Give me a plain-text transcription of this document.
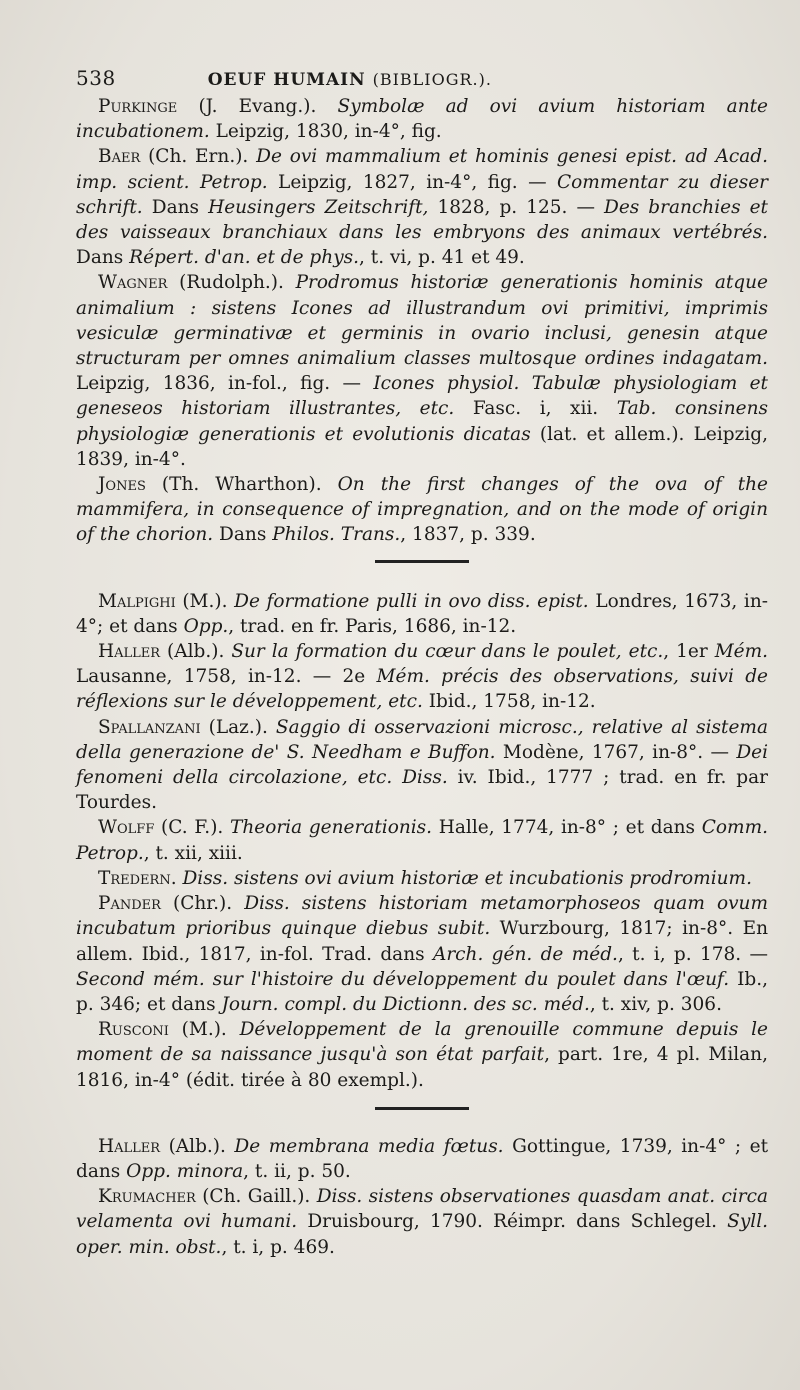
538	OEUF HUMAIN (BIBLIOGR.).

Purkinge (J. Evang.). Symbolæ ad ovi avium historiam ante incubationem. Leipzig, 1830, in-4°, fig.

Baer (Ch. Ern.). De ovi mammalium et hominis genesi epist. ad Acad. imp. scient. Petrop. Leipzig, 1827, in-4°, fig. — Commentar zu dieser schrift. Dans Heusingers Zeitschrift, 1828, p. 125. — Des branchies et des vaisseaux branchiaux dans les embryons des animaux vertébrés. Dans Répert. d'an. et de phys., t. vi, p. 41 et 49.

Wagner (Rudolph.). Prodromus historiæ generationis hominis atque animalium : sistens Icones ad illustrandum ovi primitivi, imprimis vesiculæ germinativæ et germinis in ovario inclusi, genesin atque structuram per omnes animalium classes multosque ordines indagatam. Leipzig, 1836, in-fol., fig. — Icones physiol. Tabulæ physiologiam et geneseos historiam illustrantes, etc. Fasc. i, xii. Tab. consinens physiologiæ generationis et evolutionis dicatas (lat. et allem.). Leipzig, 1839, in-4°.

Jones (Th. Wharthon). On the first changes of the ova of the mammifera, in consequence of impregnation, and on the mode of origin of the chorion. Dans Philos. Trans., 1837, p. 339.

Malpighi (M.). De formatione pulli in ovo diss. epist. Londres, 1673, in-4°; et dans Opp., trad. en fr. Paris, 1686, in-12.

Haller (Alb.). Sur la formation du cœur dans le poulet, etc., 1er Mém. Lausanne, 1758, in-12. — 2e Mém. précis des observations, suivi de réflexions sur le développement, etc. Ibid., 1758, in-12.

Spallanzani (Laz.). Saggio di osservazioni microsc., relative al sistema della generazione de' S. Needham e Buffon. Modène, 1767, in-8°. — Dei fenomeni della circolazione, etc. Diss. iv. Ibid., 1777 ; trad. en fr. par Tourdes.

Wolff (C. F.). Theoria generationis. Halle, 1774, in-8° ; et dans Comm. Petrop., t. xii, xiii.

Tredern. Diss. sistens ovi avium historiæ et incubationis prodromium.

Pander (Chr.). Diss. sistens historiam metamorphoseos quam ovum incubatum prioribus quinque diebus subit. Wurzbourg, 1817; in-8°. En allem. Ibid., 1817, in-fol. Trad. dans Arch. gén. de méd., t. i, p. 178. — Second mém. sur l'histoire du développement du poulet dans l'œuf. Ib., p. 346; et dans Journ. compl. du Dictionn. des sc. méd., t. xiv, p. 306.

Rusconi (M.). Développement de la grenouille commune depuis le moment de sa naissance jusqu'à son état parfait, part. 1re, 4 pl. Milan, 1816, in-4° (édit. tirée à 80 exempl.).

Haller (Alb.). De membrana media fœtus. Gottingue, 1739, in-4° ; et dans Opp. minora, t. ii, p. 50.

Krumacher (Ch. Gaill.). Diss. sistens observationes quasdam anat. circa velamenta ovi humani. Druisbourg, 1790. Réimpr. dans Schlegel. Syll. oper. min. obst., t. i, p. 469.
